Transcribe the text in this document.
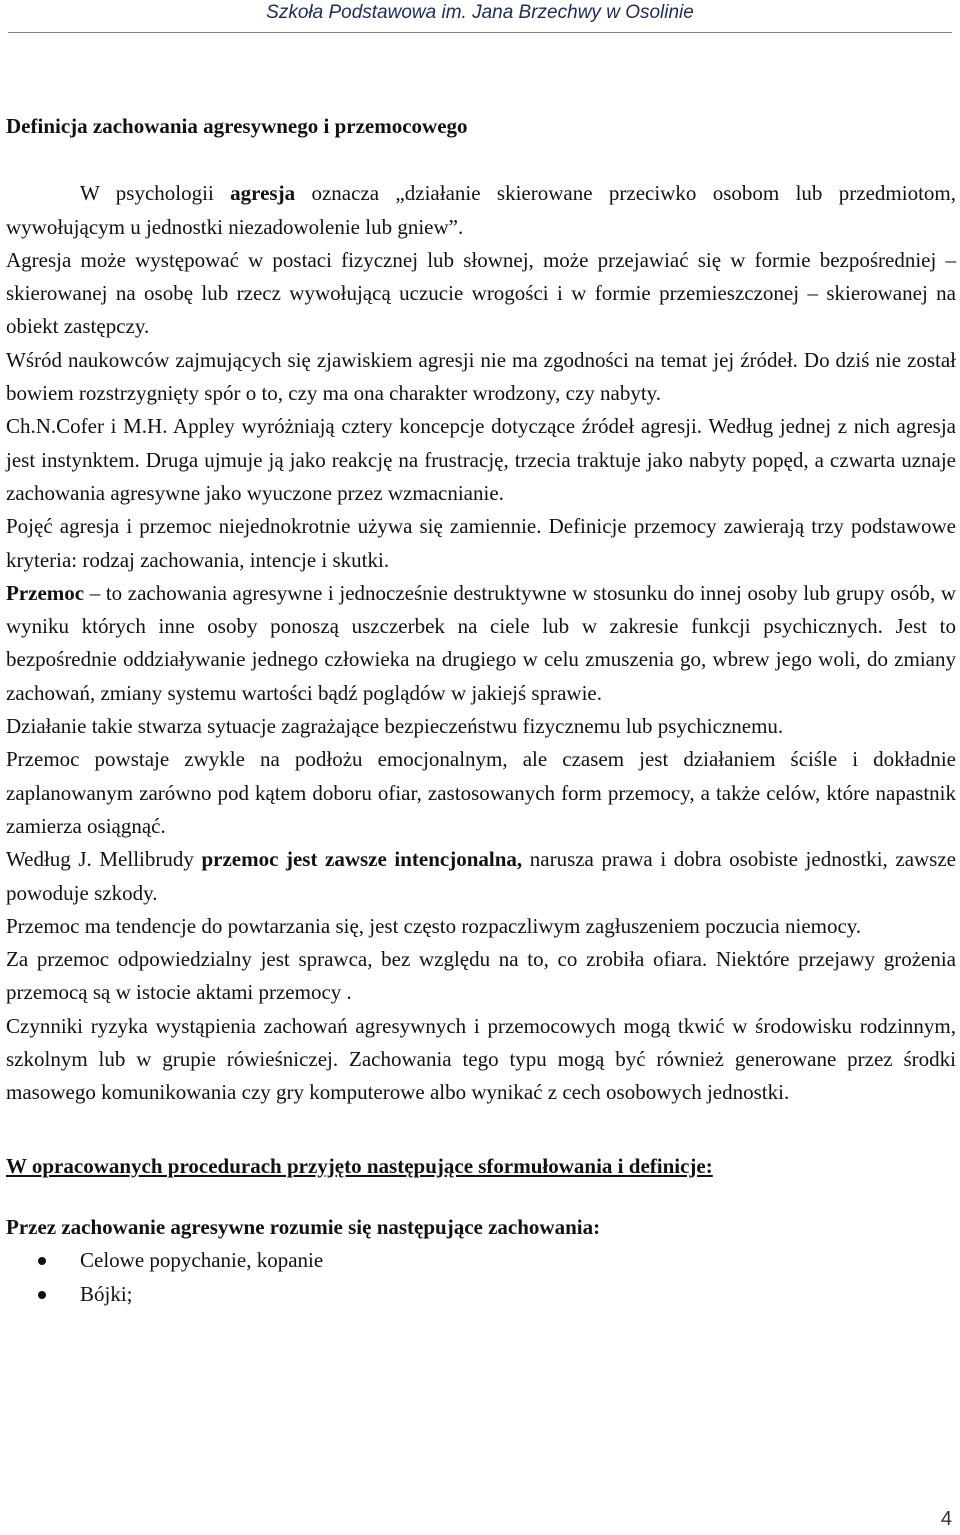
Szkoła Podstawowa im. Jana Brzechwy w Osolinie

Definicja zachowania agresywnego i przemocowego

W psychologii agresja oznacza „działanie skierowane przeciwko osobom lub przedmiotom, wywołującym u jednostki niezadowolenie lub gniew”.

Agresja może występować w postaci fizycznej lub słownej, może przejawiać się w formie bezpośredniej – skierowanej na osobę lub rzecz wywołującą uczucie wrogości i w formie przemieszczonej – skierowanej na obiekt zastępczy.

Wśród naukowców zajmujących się zjawiskiem agresji nie ma zgodności na temat jej źródeł. Do dziś nie został bowiem rozstrzygnięty spór o to, czy ma ona charakter wrodzony, czy nabyty.

Ch.N.Cofer i M.H. Appley wyróżniają cztery koncepcje dotyczące źródeł agresji. Według jednej z nich agresja jest instynktem. Druga ujmuje ją jako reakcję na frustrację, trzecia traktuje jako nabyty popęd, a czwarta uznaje zachowania agresywne jako wyuczone przez wzmacnianie.

Pojęć agresja i przemoc niejednokrotnie używa się zamiennie. Definicje przemocy zawierają trzy podstawowe kryteria: rodzaj zachowania, intencje i skutki.

Przemoc – to zachowania agresywne i jednocześnie destruktywne w stosunku do innej osoby lub grupy osób, w wyniku których inne osoby ponoszą uszczerbek na ciele lub w zakresie funkcji psychicznych. Jest to bezpośrednie oddziaływanie jednego człowieka na drugiego w celu zmuszenia go, wbrew jego woli, do zmiany zachowań, zmiany systemu wartości bądź poglądów w jakiejś sprawie.

Działanie takie stwarza sytuacje zagrażające bezpieczeństwu fizycznemu lub psychicznemu.

Przemoc powstaje zwykle na podłożu emocjonalnym, ale czasem jest działaniem ściśle i dokładnie zaplanowanym zarówno pod kątem doboru ofiar, zastosowanych form przemocy, a także celów, które napastnik zamierza osiągnąć.

Według J. Mellibrudy przemoc jest zawsze intencjonalna, narusza prawa i dobra osobiste jednostki, zawsze powoduje szkody.

Przemoc ma tendencje do powtarzania się, jest często rozpaczliwym zagłuszeniem poczucia niemocy.

Za przemoc odpowiedzialny jest sprawca, bez względu na to, co zrobiła ofiara. Niektóre przejawy grożenia przemocą są w istocie aktami przemocy .

Czynniki ryzyka wystąpienia zachowań agresywnych i przemocowych mogą tkwić w środowisku rodzinnym, szkolnym lub w grupie rówieśniczej. Zachowania tego typu mogą być również generowane przez środki masowego komunikowania czy gry komputerowe albo wynikać z cech osobowych jednostki.

W opracowanych procedurach przyjęto następujące sformułowania i definicje:

Przez zachowanie agresywne rozumie się następujące zachowania:

Celowe popychanie, kopanie
Bójki;
4
